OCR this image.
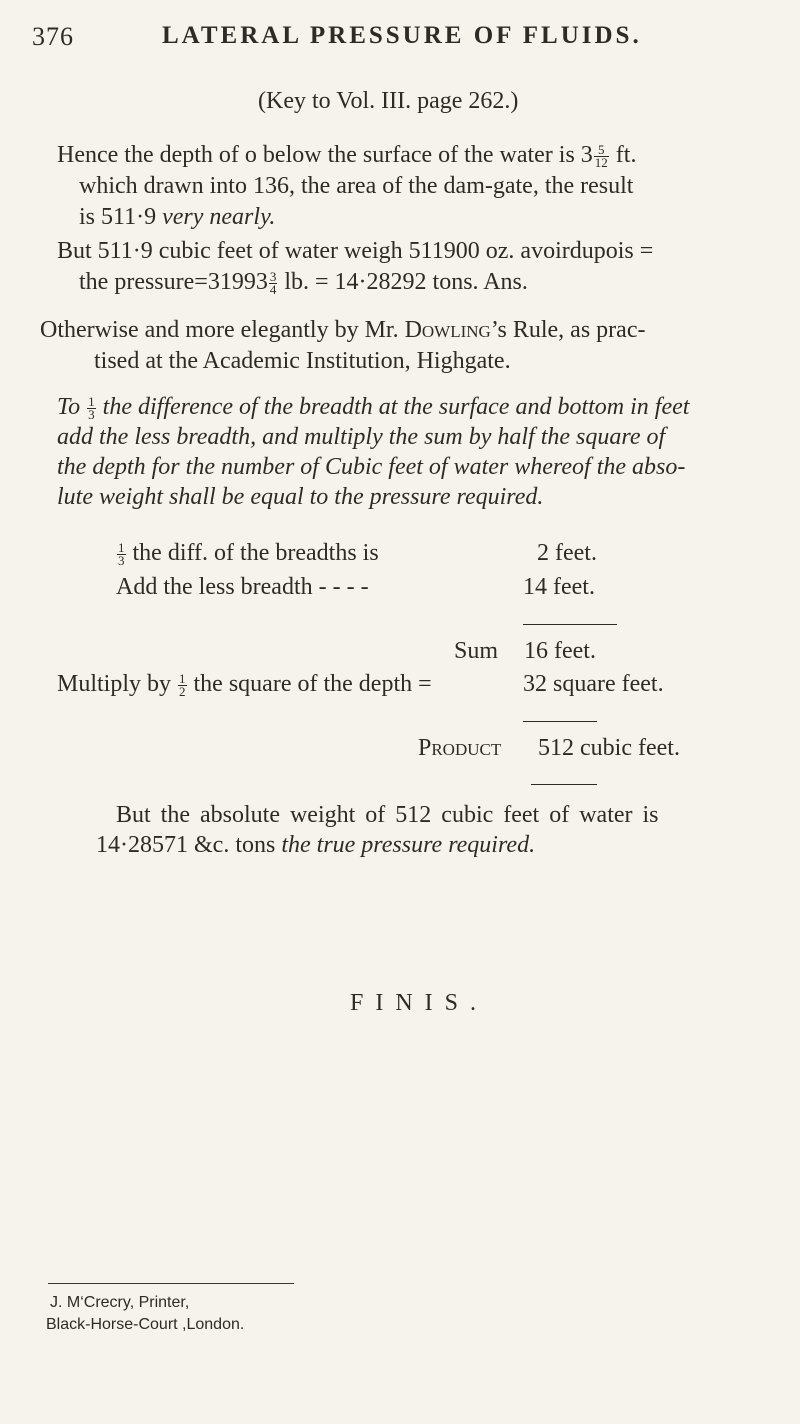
376	LATERAL PRESSURE OF FLUIDS.
(Key to Vol. III. page 262.)
Hence the depth of o below the surface of the water is $3 \frac{5}{12}$ ft.
which drawn into 136, the area of the dam-gate, the result
is 511·9 very nearly.
But 511·9 cubic feet of water weigh 511900 oz. avoirdupois =
the pressure=31993 $\frac{3}{4}$ lb. = 14·28292 tons. Ans.
Otherwise and more elegantly by Mr. Dowling’s Rule, as prac-
tised at the Academic Institution, Highgate.
To $\frac{1}{3}$ the difference of the breadth at the surface and bottom in feet
add the less breadth, and multiply the sum by half the square of
the depth for the number of Cubic feet of water whereof the abso-
lute weight shall be equal to the pressure required.
$\frac{1}{3}$ the diff. of the breadths is	2 feet.
Add the less breadth - - - -	14 feet.
Sum 16 feet.
Multiply by $\frac{1}{2}$ the square of the depth =	32 square feet.
Product 512 cubic feet.
But the absolute weight of 512 cubic feet of water is
14·28571 &c. tons the true pressure required.
FINIS.
J. M‘Crecry, Printer,
Black-Horse-Court ,London.
